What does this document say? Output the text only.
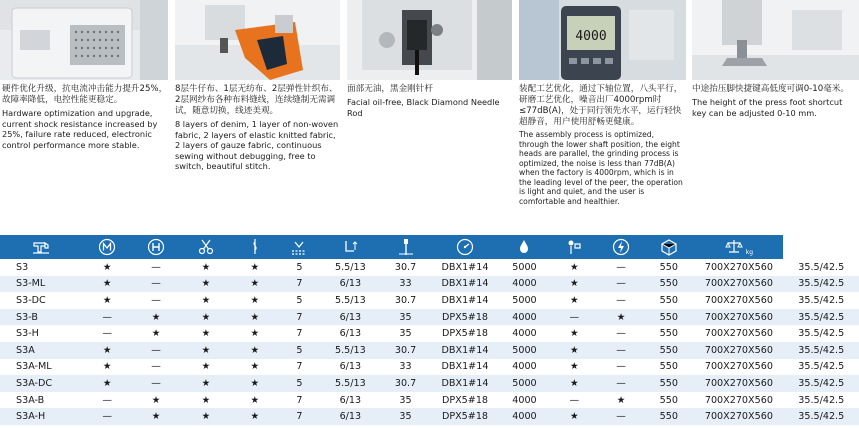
4000
硬件优化升级，抗电流冲击能力提升25%，故障率降低，电控性能更稳定。
Hardware optimization and upgrade, current shock resistance increased by 25%, failure rate reduced, electronic control performance more stable.
8层牛仔布、1层无纺布、2层弹性针织布、2层网纱布各种布料缝线，连续缝制无需调试，随意切换，线迹美观。
8 layers of denim, 1 layer of non-woven fabric, 2 layers of elastic knitted fabric, 2 layers of gauze fabric, continuous sewing without debugging, free to switch, beautiful stitch.
面部无油，黑金刚针杆
Facial oil-free, Black Diamond Needle Rod
装配工艺优化，通过下轴位置，八头平行，研磨工艺优化，噪音出厂4000rpm时≤77dB(A)，处于同行领先水平，运行轻快超静音，用户使用舒畅更健康。
The assembly process is optimized, through the lower shaft position, the eight heads are parallel, the grinding process is optimized, the noise is less than 77dB(A) when the factory is 4000rpm, which is in the leading level of the peer, the operation is light and quiet, and the user is comfortable and healthier.
中途抬压脚快捷键高低度可调0-10毫米。
The height of the press foot shortcut key can be adjusted 0-10 mm.

kg	
S3	★	—	★	★	5	5.5/13	30.7	DBX1#14	5000	★	—	550	700X270X560	35.5/42.5
S3-ML	★	—	★	★	7	6/13	33	DBX1#14	4000	★	—	550	700X270X560	35.5/42.5
S3-DC	★	—	★	★	5	5.5/13	30.7	DBX1#14	5000	★	—	550	700X270X560	35.5/42.5
S3-B	—	★	★	★	7	6/13	35	DPX5#18	4000	—	★	550	700X270X560	35.5/42.5
S3-H	—	★	★	★	7	6/13	35	DPX5#18	4000	★	—	550	700X270X560	35.5/42.5
S3A	★	—	★	★	5	5.5/13	30.7	DBX1#14	5000	★	—	550	700X270X560	35.5/42.5
S3A-ML	★	—	★	★	7	6/13	33	DBX1#14	4000	★	—	550	700X270X560	35.5/42.5
S3A-DC	★	—	★	★	5	5.5/13	30.7	DBX1#14	5000	★	—	550	700X270X560	35.5/42.5
S3A-B	—	★	★	★	7	6/13	35	DPX5#18	4000	—	★	550	700X270X560	35.5/42.5
S3A-H	—	★	★	★	7	6/13	35	DPX5#18	4000	★	—	550	700X270X560	35.5/42.5
